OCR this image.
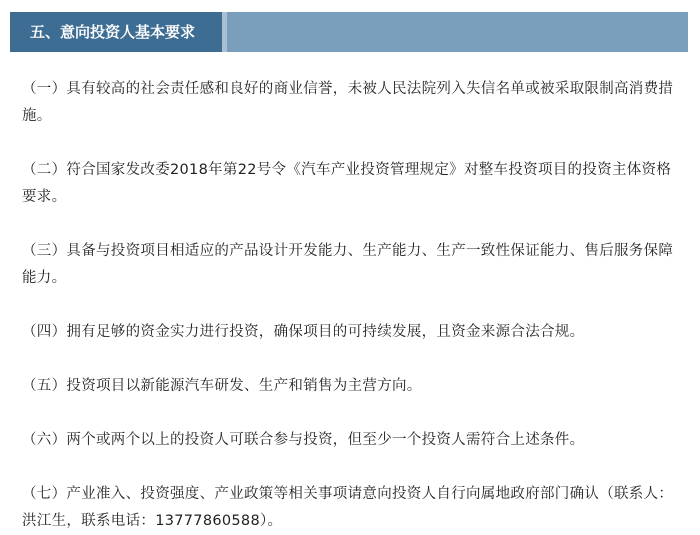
五、意向投资人基本要求

（一）具有较高的社会责任感和良好的商业信誉，未被人民法院列入失信名单或被采取限制高消费措施。

（二）符合国家发改委2018年第22号令《汽车产业投资管理规定》对整车投资项目的投资主体资格要求。

（三）具备与投资项目相适应的产品设计开发能力、生产能力、生产一致性保证能力、售后服务保障能力。

（四）拥有足够的资金实力进行投资，确保项目的可持续发展，且资金来源合法合规。

（五）投资项目以新能源汽车研发、生产和销售为主营方向。

（六）两个或两个以上的投资人可联合参与投资，但至少一个投资人需符合上述条件。

（七）产业准入、投资强度、产业政策等相关事项请意向投资人自行向属地政府部门确认（联系人：洪江生，联系电话：13777860588）。
